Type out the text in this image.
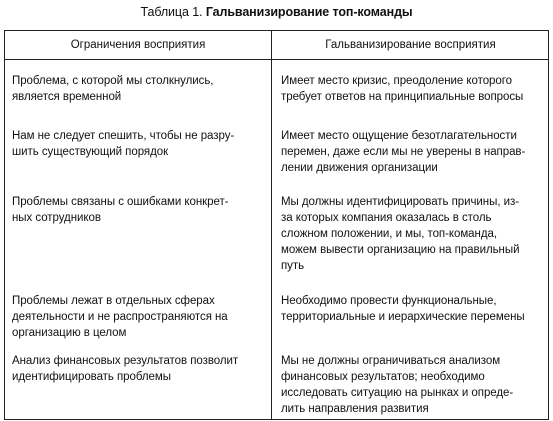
Таблица 1. Гальванизирование топ-команды
Ограничения восприятия	Гальванизирование восприятия
Проблема, с которой мы столкнулись,
является временной
Имеет место кризис, преодоление которого
требует ответов на принципиальные вопросы
Нам не следует спешить, чтобы не разру-
шить существующий порядок
Имеет место ощущение безотлагательности
перемен, даже если мы не уверены в направ-
лении движения организации
Проблемы связаны с ошибками конкрет-
ных сотрудников
Мы должны идентифицировать причины, из-
за которых компания оказалась в столь
сложном положении, и мы, топ-команда,
можем вывести организацию на правильный
путь
Проблемы лежат в отдельных сферах
деятельности и не распространяются на
организацию в целом
Необходимо провести функциональные,
территориальные и иерархические перемены
Анализ финансовых результатов позволит
идентифицировать проблемы
Мы не должны ограничиваться анализом
финансовых результатов; необходимо
исследовать ситуацию на рынках и опреде-
лить направления развития
